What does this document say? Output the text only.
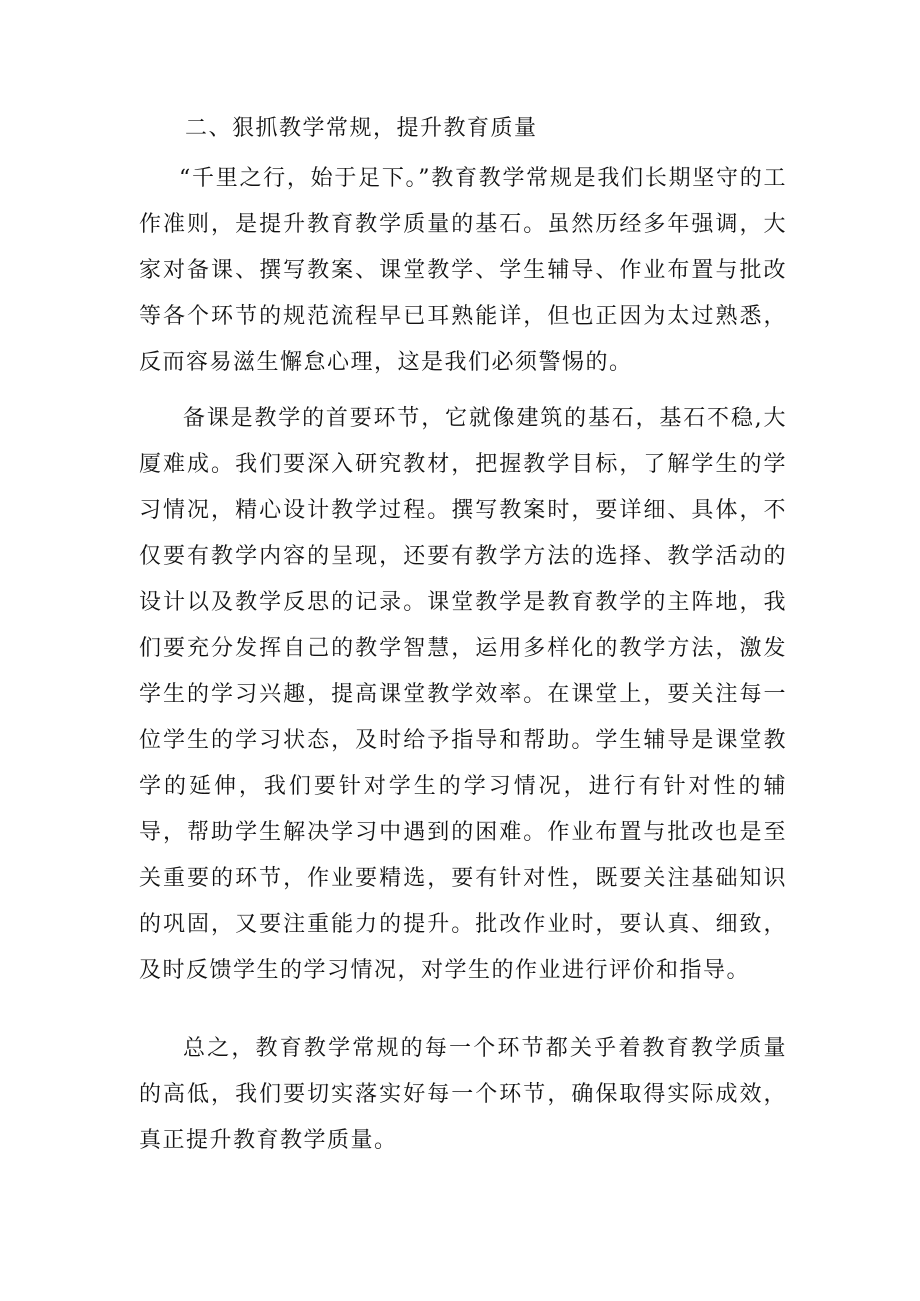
二、狠抓教学常规，提升教育质量

“千里之行，始于足下。”教育教学常规是我们长期坚守的工作准则，是提升教育教学质量的基石。虽然历经多年强调，大家对备课、撰写教案、课堂教学、学生辅导、作业布置与批改等各个环节的规范流程早已耳熟能详，但也正因为太过熟悉，反而容易滋生懈怠心理，这是我们必须警惕的。

备课是教学的首要环节，它就像建筑的基石，基石不稳,大厦难成。我们要深入研究教材，把握教学目标，了解学生的学习情况，精心设计教学过程。撰写教案时，要详细、具体，不仅要有教学内容的呈现，还要有教学方法的选择、教学活动的设计以及教学反思的记录。课堂教学是教育教学的主阵地，我们要充分发挥自己的教学智慧，运用多样化的教学方法，激发学生的学习兴趣，提高课堂教学效率。在课堂上，要关注每一位学生的学习状态，及时给予指导和帮助。学生辅导是课堂教学的延伸，我们要针对学生的学习情况，进行有针对性的辅导，帮助学生解决学习中遇到的困难。作业布置与批改也是至关重要的环节，作业要精选，要有针对性，既要关注基础知识的巩固，又要注重能力的提升。批改作业时，要认真、细致，及时反馈学生的学习情况，对学生的作业进行评价和指导。

总之，教育教学常规的每一个环节都关乎着教育教学质量的高低，我们要切实落实好每一个环节，确保取得实际成效，真正提升教育教学质量。
